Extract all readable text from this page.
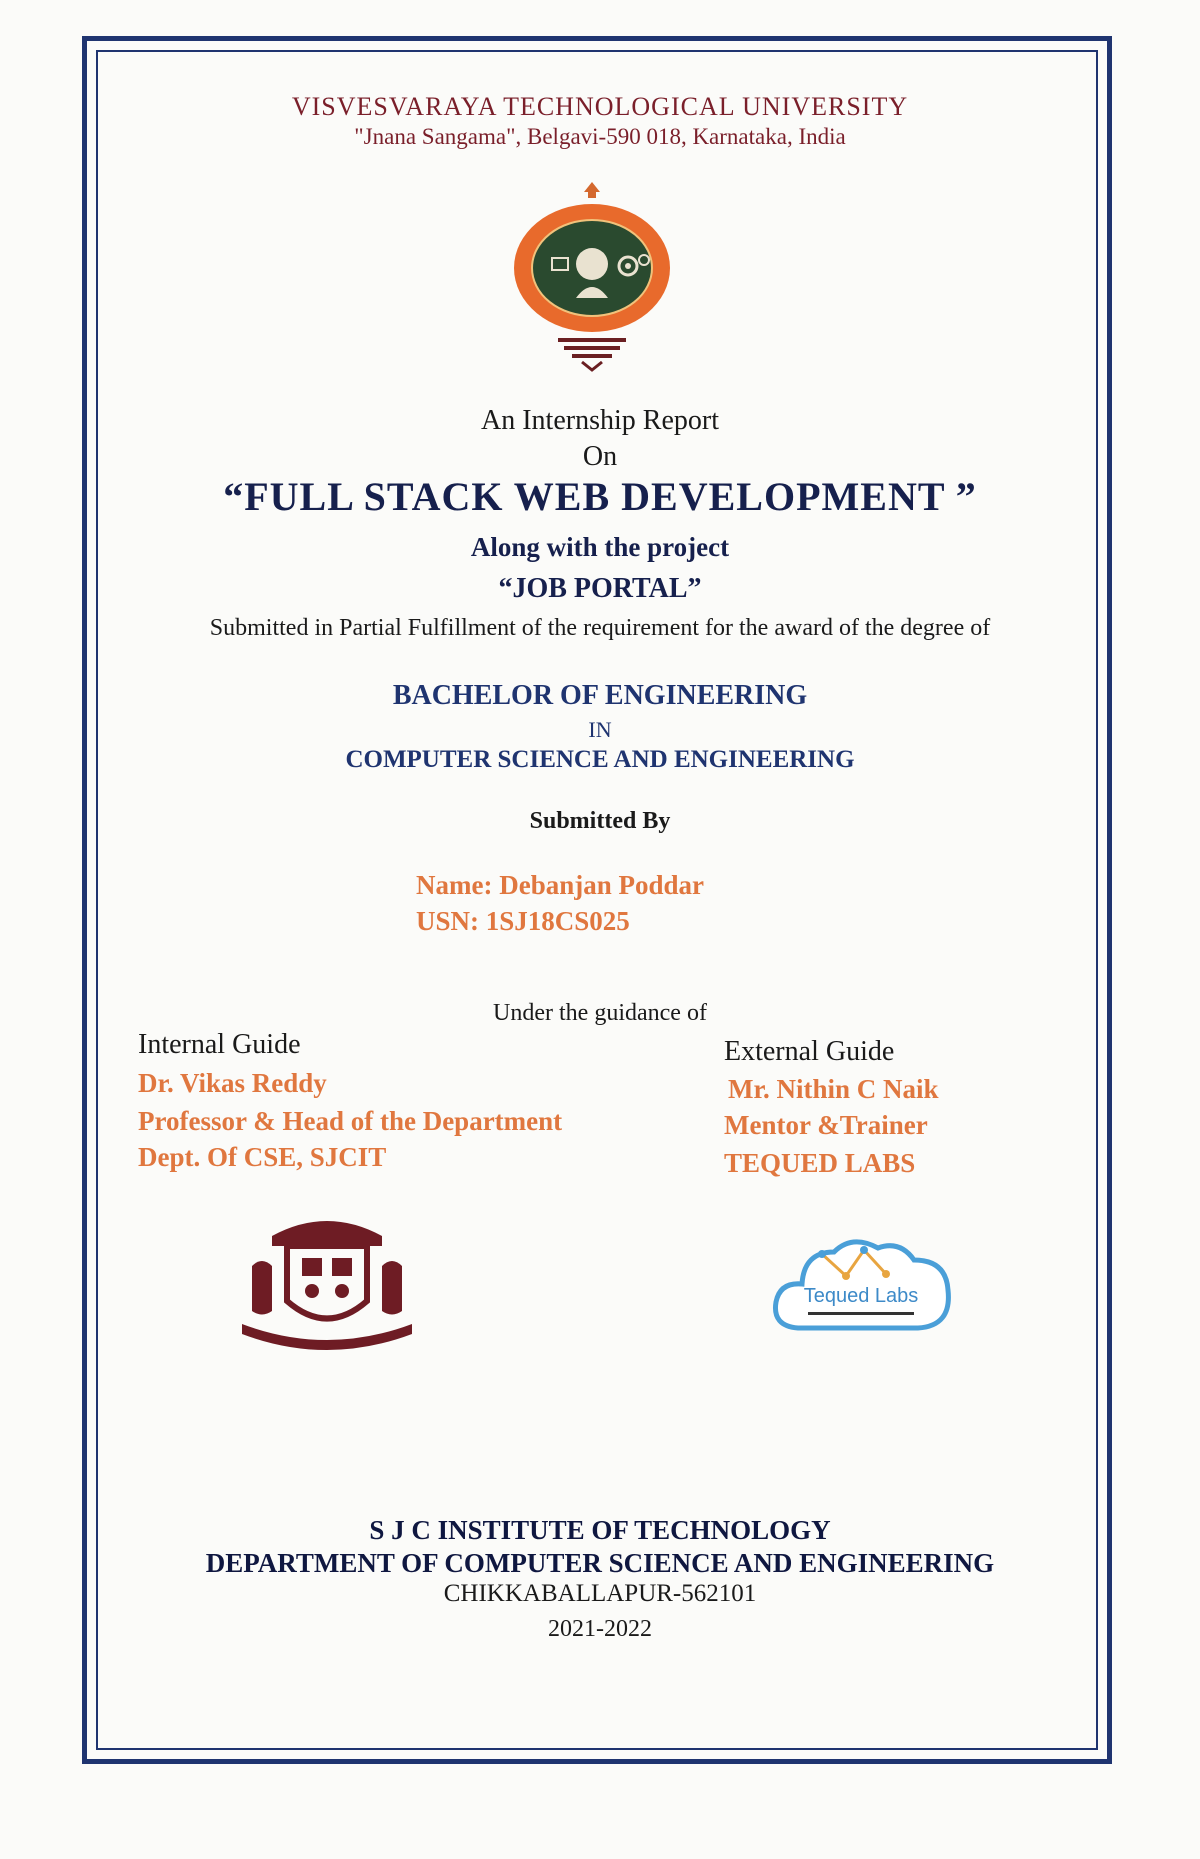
VISVESVARAYA TECHNOLOGICAL UNIVERSITY
"Jnana Sangama", Belgavi-590 018, Karnataka, India
An Internship Report
On
“FULL STACK WEB DEVELOPMENT ”
Along with the project
“JOB PORTAL”
Submitted in Partial Fulfillment of the requirement for the award of the degree of
BACHELOR OF ENGINEERING
IN
COMPUTER SCIENCE AND ENGINEERING
Submitted By
Name: Debanjan Poddar
USN: 1SJ18CS025
Under the guidance of
Internal Guide
Dr. Vikas Reddy
Professor & Head of the Department
Dept. Of CSE, SJCIT
External Guide
Mr. Nithin C Naik
Mentor &Trainer
TEQUED LABS
Tequed Labs
S J C INSTITUTE OF TECHNOLOGY
DEPARTMENT OF COMPUTER SCIENCE AND ENGINEERING
CHIKKABALLAPUR-562101
2021-2022
